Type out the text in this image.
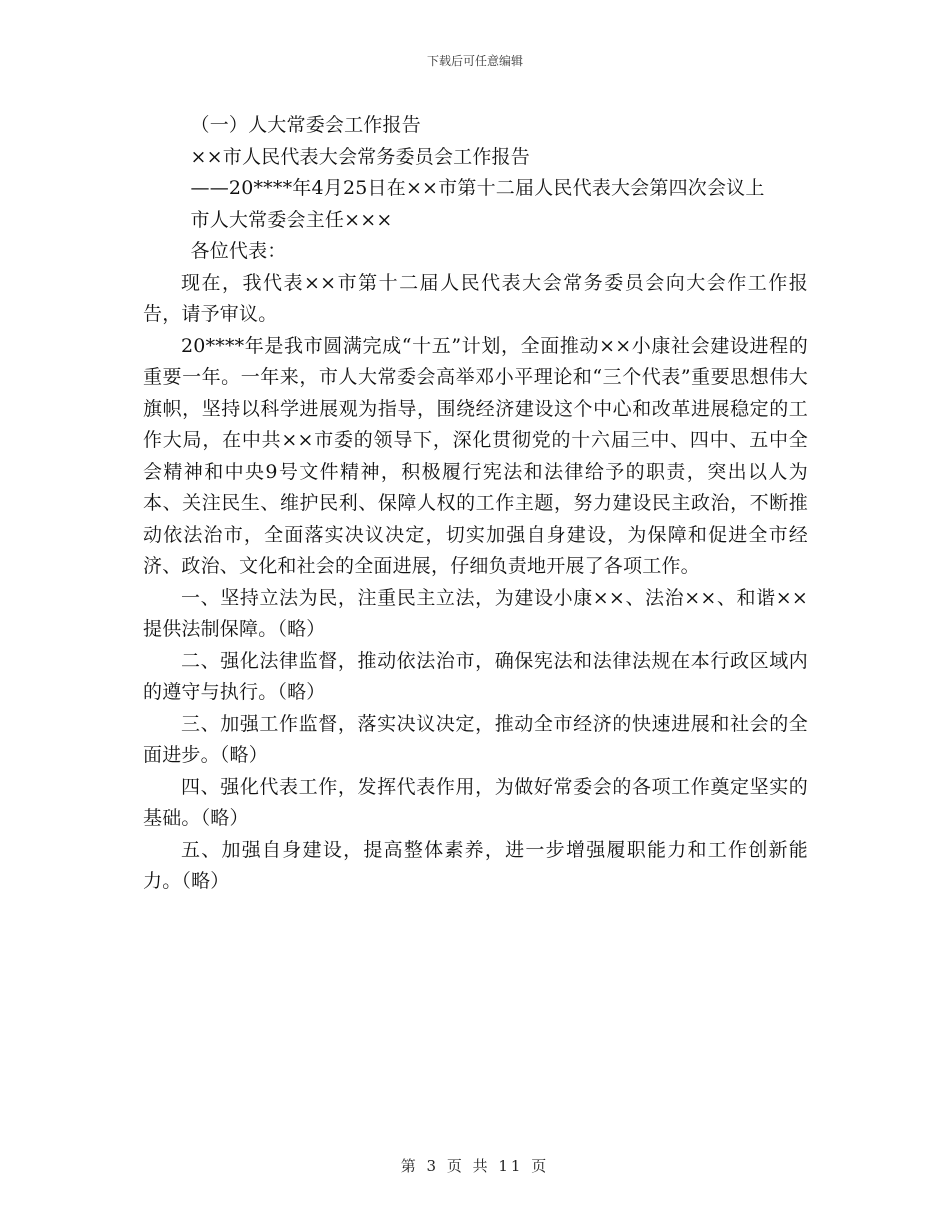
下载后可任意编辑

（一）人大常委会工作报告

××市人民代表大会常务委员会工作报告

——20****年4月25日在××市第十二届人民代表大会第四次会议上

市人大常委会主任×××

各位代表：

现在，我代表××市第十二届人民代表大会常务委员会向大会作工作报告，请予审议。

20****年是我市圆满完成“十五”计划，全面推动××小康社会建设进程的重要一年。一年来，市人大常委会高举邓小平理论和“三个代表”重要思想伟大旗帜，坚持以科学进展观为指导，围绕经济建设这个中心和改革进展稳定的工作大局，在中共××市委的领导下，深化贯彻党的十六届三中、四中、五中全会精神和中央9号文件精神，积极履行宪法和法律给予的职责，突出以人为本、关注民生、维护民利、保障人权的工作主题，努力建设民主政治，不断推动依法治市，全面落实决议决定，切实加强自身建设，为保障和促进全市经济、政治、文化和社会的全面进展，仔细负责地开展了各项工作。

一、坚持立法为民，注重民主立法，为建设小康××、法治××、和谐××提供法制保障。（略）

二、强化法律监督，推动依法治市，确保宪法和法律法规在本行政区域内的遵守与执行。（略）

三、加强工作监督，落实决议决定，推动全市经济的快速进展和社会的全面进步。（略）

四、强化代表工作，发挥代表作用，为做好常委会的各项工作奠定坚实的基础。（略）

五、加强自身建设，提高整体素养，进一步增强履职能力和工作创新能力。（略）

第 3 页 共 11 页
